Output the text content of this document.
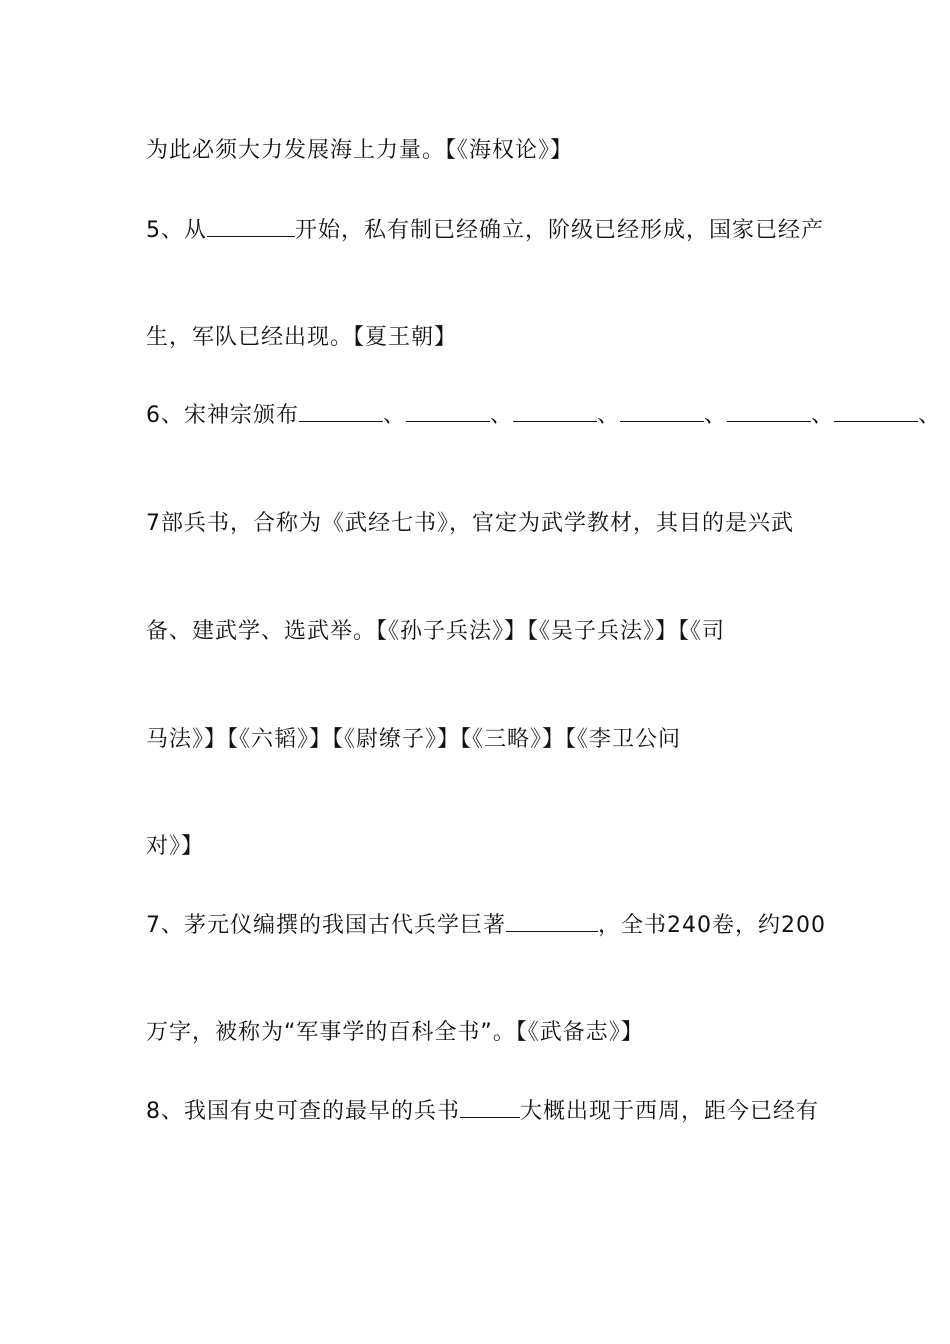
为此必须大力发展海上力量。【《海权论》】
5、从	开始，私有制已经确立，阶级已经形成，国家已经产
生，军队已经出现。【夏王朝】
6、宋神宗颁布	、	、	、	、	、	、
7部兵书，合称为《武经七书》，官定为武学教材，其目的是兴武
备、建武学、选武举。【《孙子兵法》】【《吴子兵法》】【《司
马法》】【《六韬》】【《尉缭子》】【《三略》】【《李卫公问
对》】
7、茅元仪编撰的我国古代兵学巨著	，全书240卷，约200
万字，被称为“军事学的百科全书”。【《武备志》】
8、我国有史可查的最早的兵书	大概出现于西周，距今已经有
